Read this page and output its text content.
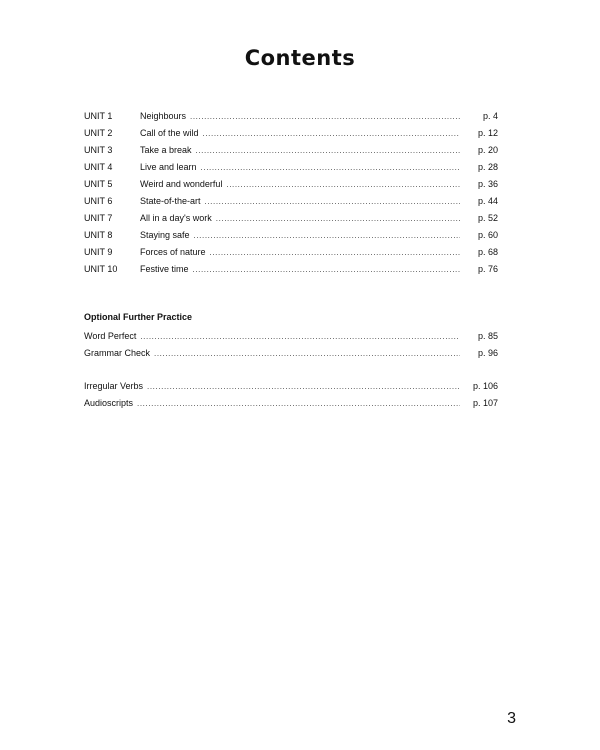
Contents
UNIT 1	Neighbours .....	p. 4
UNIT 2	Call of the wild .....	p. 12
UNIT 3	Take a break .....	p. 20
UNIT 4	Live and learn .....	p. 28
UNIT 5	Weird and wonderful .....	p. 36
UNIT 6	State-of-the-art .....	p. 44
UNIT 7	All in a day's work .....	p. 52
UNIT 8	Staying safe .....	p. 60
UNIT 9	Forces of nature .....	p. 68
UNIT 10	Festive time .....	p. 76
Optional Further Practice
Word Perfect .....	p. 85
Grammar Check .....	p. 96
Irregular Verbs .....	p. 106
Audioscripts .....	p. 107
3
